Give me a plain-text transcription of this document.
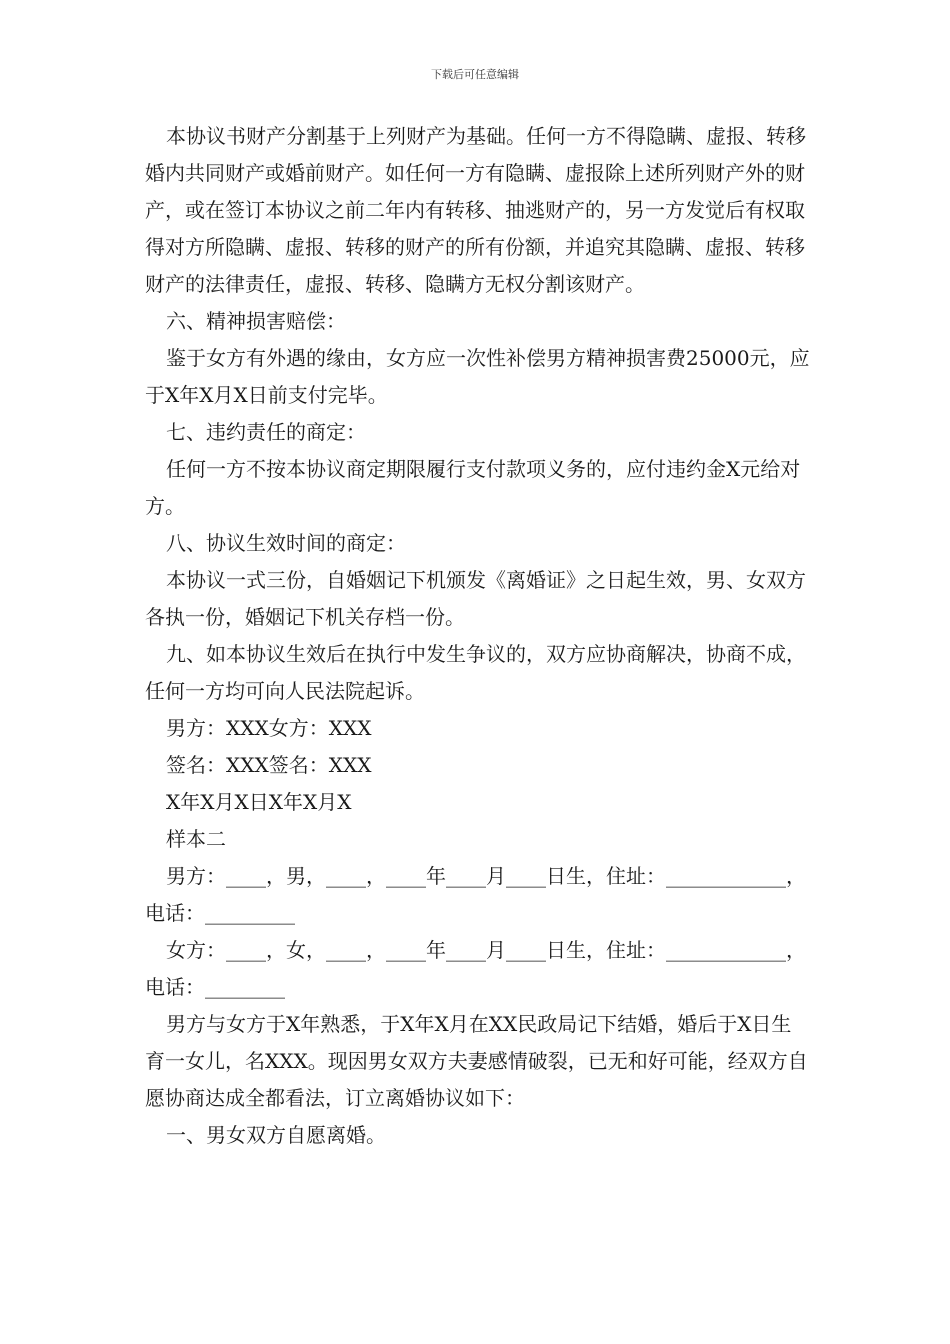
下载后可任意编辑

本协议书财产分割基于上列财产为基础。任何一方不得隐瞒、虚报、转移婚内共同财产或婚前财产。如任何一方有隐瞒、虚报除上述所列财产外的财产，或在签订本协议之前二年内有转移、抽逃财产的，另一方发觉后有权取得对方所隐瞒、虚报、转移的财产的所有份额，并追究其隐瞒、虚报、转移财产的法律责任，虚报、转移、隐瞒方无权分割该财产。

六、精神损害赔偿：

鉴于女方有外遇的缘由，女方应一次性补偿男方精神损害费25000元，应于X年X月X日前支付完毕。

七、违约责任的商定：

任何一方不按本协议商定期限履行支付款项义务的，应付违约金X元给对方。

八、协议生效时间的商定：

本协议一式三份，自婚姻记下机颁发《离婚证》之日起生效，男、女双方各执一份，婚姻记下机关存档一份。

九、如本协议生效后在执行中发生争议的，双方应协商解决，协商不成，任何一方均可向人民法院起诉。

男方：XXX女方：XXX

签名：XXX签名：XXX

X年X月X日X年X月X

样本二

男方：____，男，____，____年____月____日生，住址：____________，电话：_________

女方：____，女，____，____年____月____日生，住址：____________，电话：________

男方与女方于X年熟悉，于X年X月在XX民政局记下结婚，婚后于X日生育一女儿，名XXX。现因男女双方夫妻感情破裂，已无和好可能，经双方自愿协商达成全都看法，订立离婚协议如下：

一、男女双方自愿离婚。
